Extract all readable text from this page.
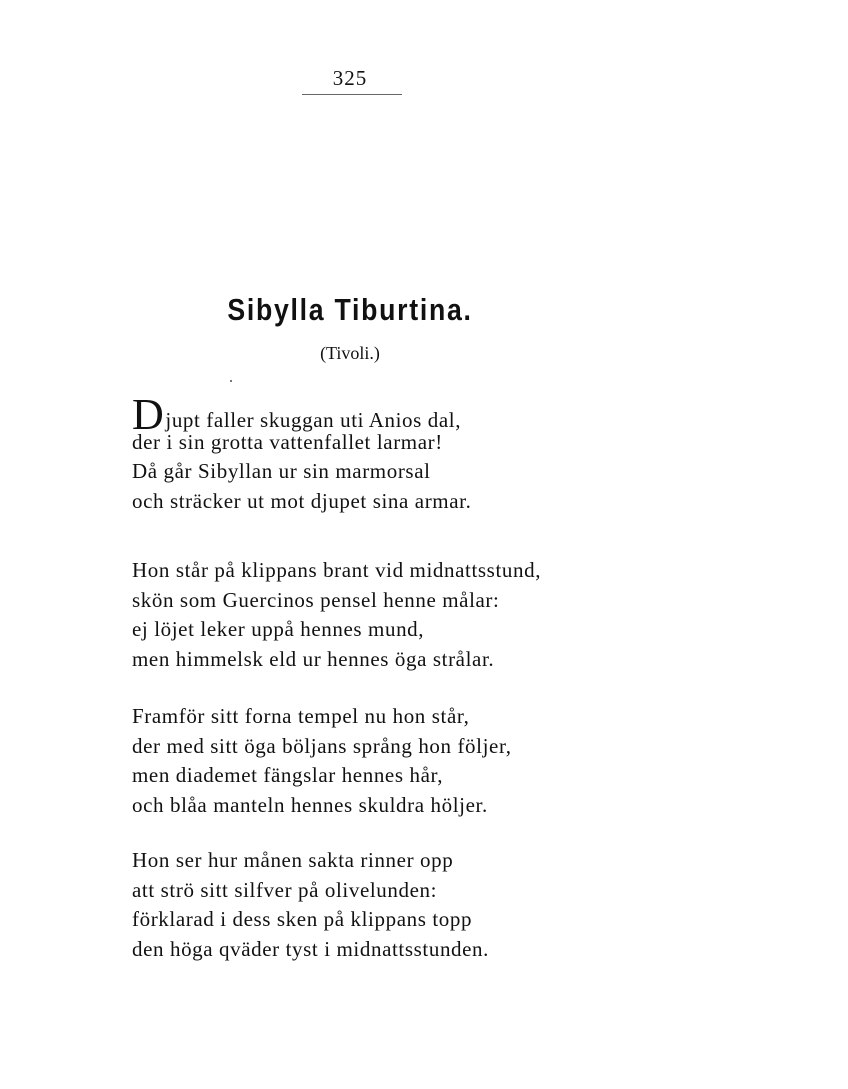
325
Sibylla Tiburtina.
(Tivoli.)
Djupt faller skuggan uti Anios dal,
der i sin grotta vattenfallet larmar!
Då går Sibyllan ur sin marmorsal
och sträcker ut mot djupet sina armar.
Hon står på klippans brant vid midnattsstund,
skön som Guercinos pensel henne målar:
ej löjet leker uppå hennes mund,
men himmelsk eld ur hennes öga strålar.
Framför sitt forna tempel nu hon står,
der med sitt öga böljans språng hon följer,
men diademet fängslar hennes hår,
och blåa manteln hennes skuldra höljer.
Hon ser hur månen sakta rinner opp
att strö sitt silfver på olivelunden:
förklarad i dess sken på klippans topp
den höga qväder tyst i midnattsstunden.
